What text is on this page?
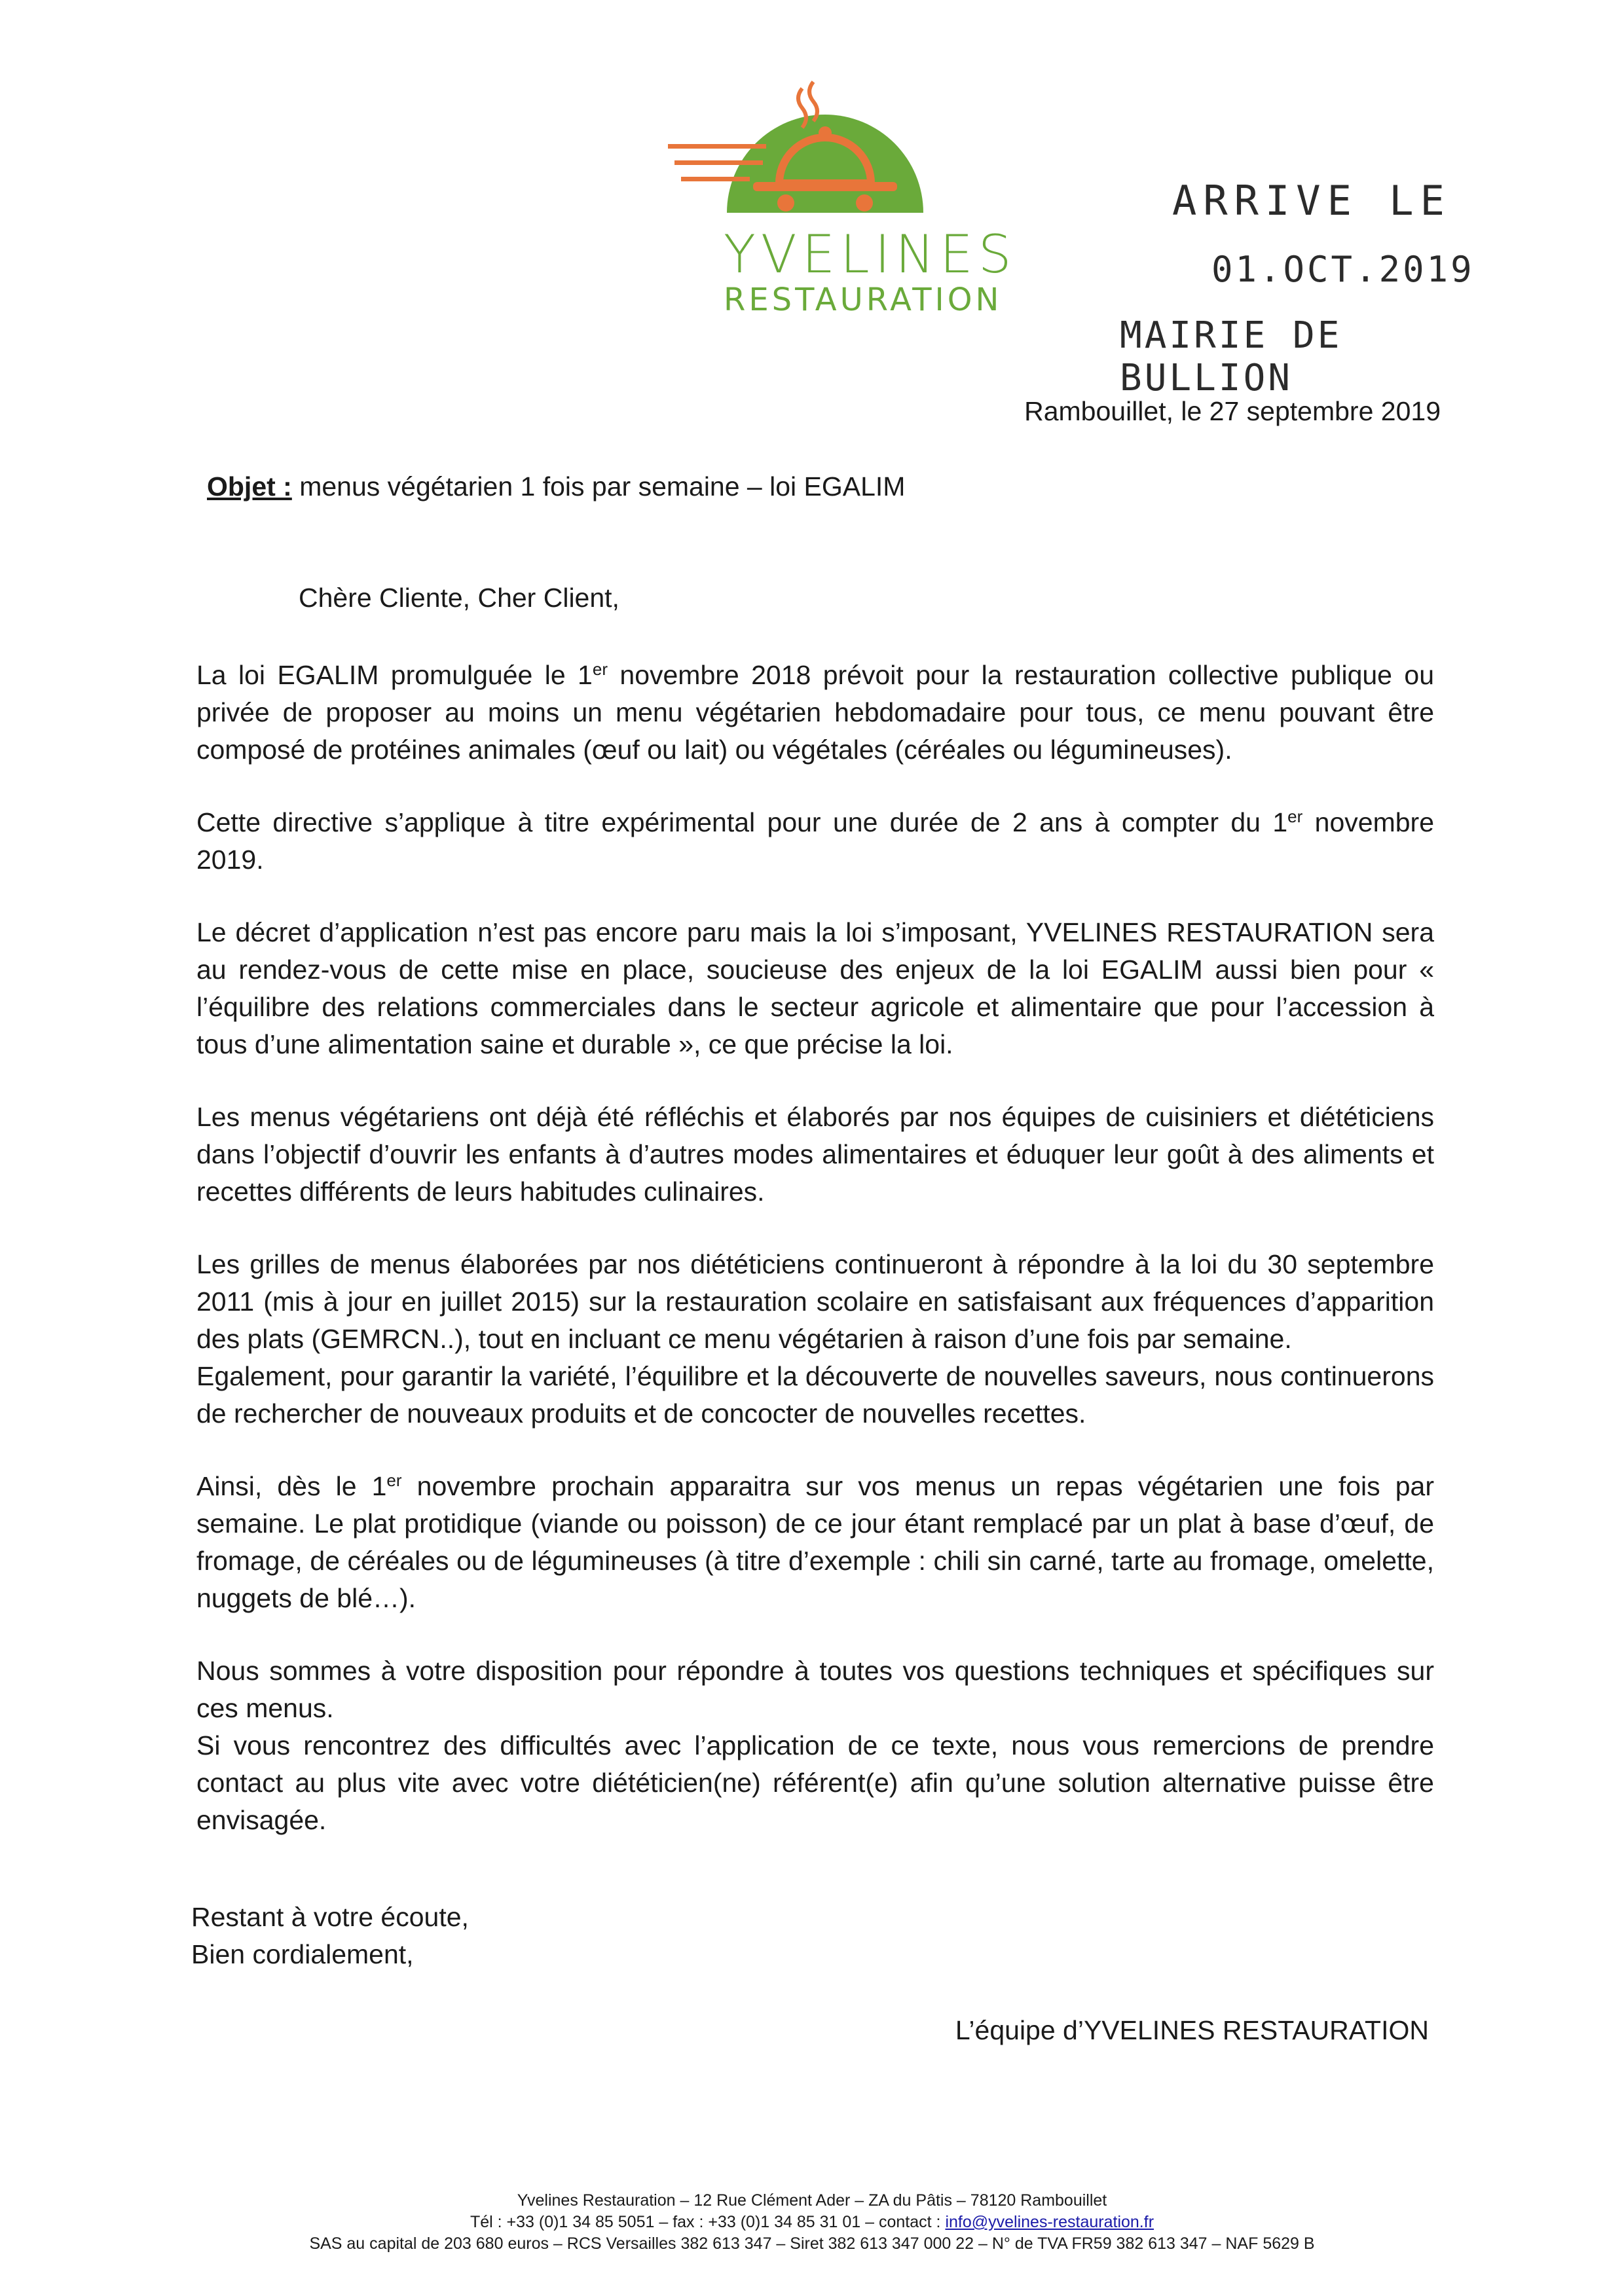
YVELINES
RESTAURATION
ARRIVE LE
01.OCT.2019
MAIRIE DE BULLION
Rambouillet, le 27 septembre 2019
Objet : menus végétarien 1 fois par semaine – loi EGALIM
Chère Cliente, Cher Client,

La loi EGALIM promulguée le 1er novembre 2018 prévoit pour la restauration collective publique ou privée de proposer au moins un menu végétarien hebdomadaire pour tous, ce menu pouvant être composé de protéines animales (œuf ou lait) ou végétales (céréales ou légumineuses).

Cette directive s’applique à titre expérimental pour une durée de 2 ans à compter du 1er novembre 2019.

Le décret d’application n’est pas encore paru mais la loi s’imposant, YVELINES RESTAURATION sera au rendez-vous de cette mise en place, soucieuse des enjeux de la loi EGALIM aussi bien pour « l’équilibre des relations commerciales dans le secteur agricole et alimentaire que pour l’accession à tous d’une alimentation saine et durable », ce que précise la loi.

Les menus végétariens ont déjà été réfléchis et élaborés par nos équipes de cuisiniers et diététiciens dans l’objectif d’ouvrir les enfants à d’autres modes alimentaires et éduquer leur goût à des aliments et recettes différents de leurs habitudes culinaires.

Les grilles de menus élaborées par nos diététiciens continueront à répondre à la loi du 30 septembre 2011 (mis à jour en juillet 2015) sur la restauration scolaire en satisfaisant aux fréquences d’apparition des plats (GEMRCN..), tout en incluant ce menu végétarien à raison d’une fois par semaine.

Egalement, pour garantir la variété, l’équilibre et la découverte de nouvelles saveurs, nous continuerons de rechercher de nouveaux produits et de concocter de nouvelles recettes.

Ainsi, dès le 1er novembre prochain apparaitra sur vos menus un repas végétarien une fois par semaine. Le plat protidique (viande ou poisson) de ce jour étant remplacé par un plat à base d’œuf, de fromage, de céréales ou de légumineuses (à titre d’exemple : chili sin carné, tarte au fromage, omelette, nuggets de blé…).

Nous sommes à votre disposition pour répondre à toutes vos questions techniques et spécifiques sur ces menus.

Si vous rencontrez des difficultés avec l’application de ce texte, nous vous remercions de prendre contact au plus vite avec votre diététicien(ne) référent(e) afin qu’une solution alternative puisse être envisagée.

Restant à votre écoute,
Bien cordialement,
L’équipe d’YVELINES RESTAURATION
Yvelines Restauration – 12 Rue Clément Ader – ZA du Pâtis – 78120 Rambouillet
Tél : +33 (0)1 34 85 5051 – fax : +33 (0)1 34 85 31 01 – contact : info@yvelines-restauration.fr
SAS au capital de 203 680 euros – RCS Versailles 382 613 347 – Siret 382 613 347 000 22 – N° de TVA FR59 382 613 347 – NAF 5629 B
